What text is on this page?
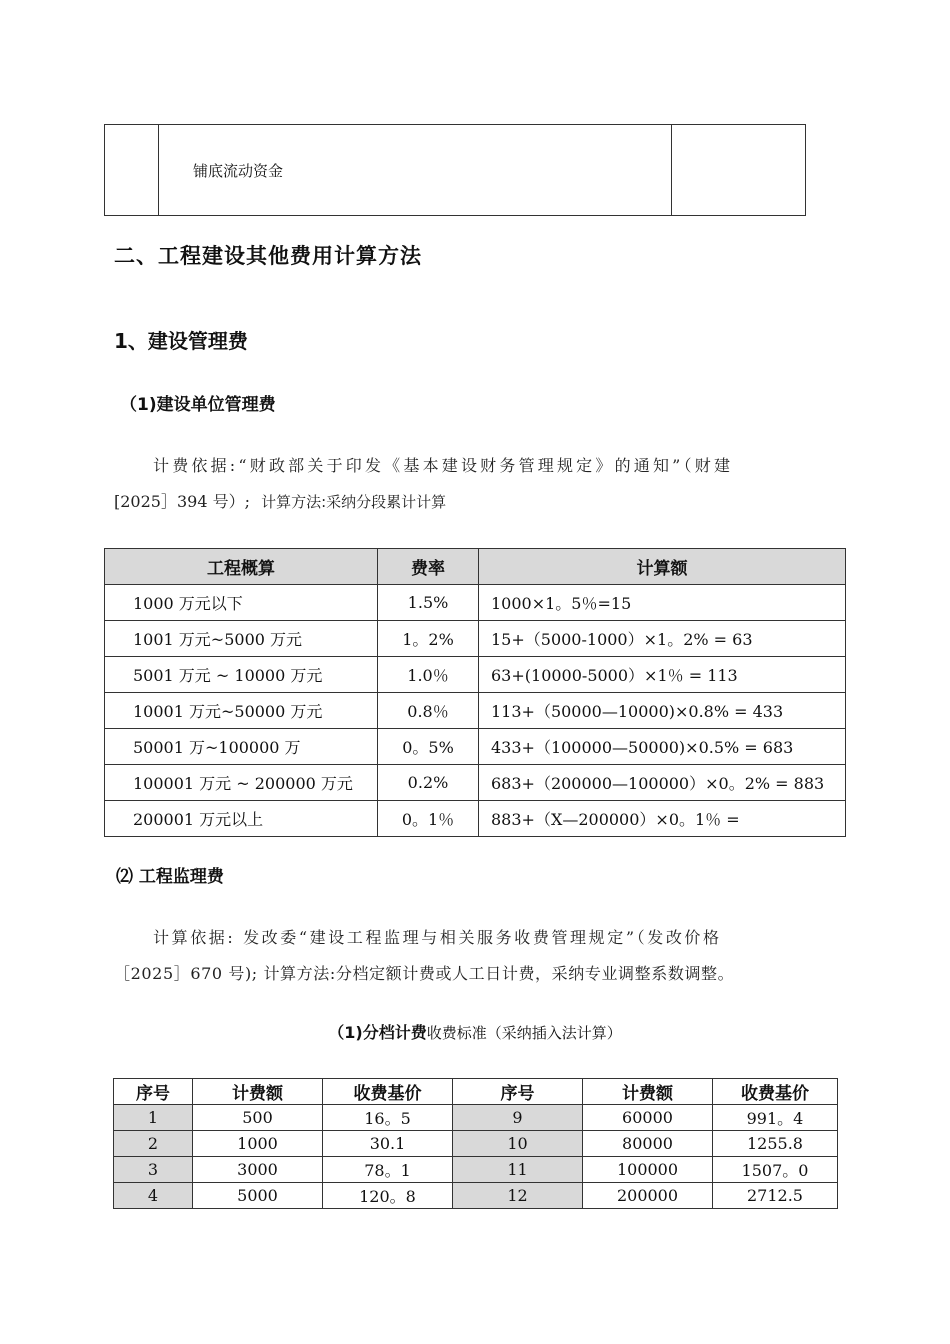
	铺底流动资金	
二、工程建设其他费用计算方法
1、建设管理费
（1)建设单位管理费
计费依据:“财政部关于印发《基本建设财务管理规定》的通知”（财建
[2025］394 号）; 计算方法:采纳分段累计计算
工程概算	费率	计算额
1000 万元以下	1.5%	1000×1。5％=15
1001 万元~5000 万元	1。2%	15+（5000-1000）×1。2% = 63
5001 万元 ~ 10000 万元	1.0％	63+(10000-5000）×1％ = 113
10001 万元~50000 万元	0.8％	113+（50000—10000)×0.8% = 433
50001 万~100000 万	0。5%	433+（100000—50000)×0.5% = 683
100001 万元 ~ 200000 万元	0.2%	683+（200000—100000）×0。2% = 883
200001 万元以上	0。1％	883+（X—200000）×0。1％ =
⑵ 工程监理费
计算依据: 发改委“建设工程监理与相关服务收费管理规定”（发改价格
［2025］670 号); 计算方法:分档定额计费或人工日计费，采纳专业调整系数调整。
（1)分档计费收费标准（采纳插入法计算）
序号	计费额	收费基价	序号	计费额	收费基价
1	500	16。5	9	60000	991。4
2	1000	30.1	10	80000	1255.8
3	3000	78。1	11	100000	1507。0
4	5000	120。8	12	200000	2712.5
